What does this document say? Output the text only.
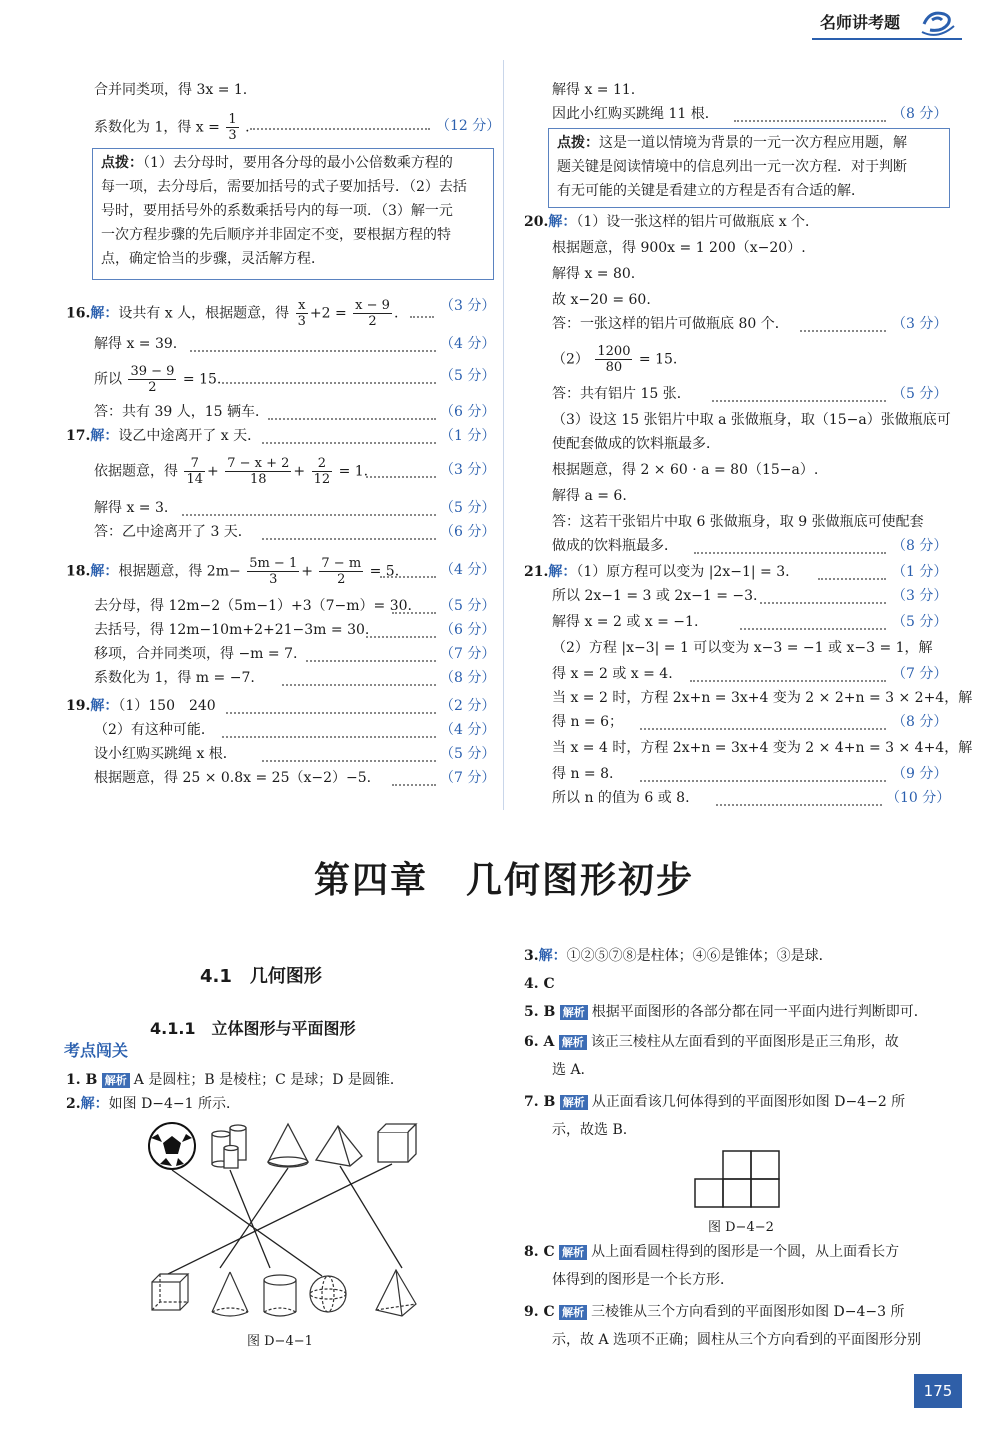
名师讲考题
合并同类项，得 3x = 1.
系数化为 1，得 $x = \frac{1}{3}$ .	（12 分）
点拨：（1）去分母时，要用各分母的最小公倍数乘方程的
每一项，去分母后，需要加括号的式子要加括号．（2）去括
号时，要用括号外的系数乘括号内的每一项．（3）解一元
一次方程步骤的先后顺序并非固定不变，要根据方程的特
点，确定恰当的步骤，灵活解方程．
16.解：设共有 x 人，根据题意，得 $\frac{x}{3} +2 = \frac{x - 9}{2}$ .	（3 分）
解得 x = 39.	（4 分）
所以 $\frac{39 - 9}{2} = 15$.	（5 分）
答：共有 39 人，15 辆车．	（6 分）
17.解：设乙中途离开了 x 天．	（1 分）
依据题意，得 $\frac{7}{14} + \frac{7 - x + 2}{18} + \frac{2}{12} = 1$.	（3 分）
解得 x = 3.	（5 分）
答：乙中途离开了 3 天．	（6 分）
18.解：根据题意，得 $2m- \frac{5m - 1}{3} + \frac{7 - m}{2} = 5$.	（4 分）
去分母，得 12m−2（5m−1）+3（7−m）= 30. （5 分）
去括号，得 12m−10m+2+21−3m = 30.	（6 分）
移项，合并同类项，得 −m = 7.	（7 分）
系数化为 1，得 m = −7.	（8 分）
19.解：（1）150　240	（2 分）
（2）有这种可能．	（4 分）
设小红购买跳绳 x 根．	（5 分）
根据题意，得 25 × 0.8x = 25（x−2）−5.	（7 分）
解得 x = 11.
因此小红购买跳绳 11 根．	（8 分）
点拨：这是一道以情境为背景的一元一次方程应用题，解
题关键是阅读情境中的信息列出一元一次方程．对于判断
有无可能的关键是看建立的方程是否有合适的解．
20.解：（1）设一张这样的铝片可做瓶底 x 个．
根据题意，得 900x = 1 200（x−20）.
解得 x = 80.
故 x−20 = 60.
答：一张这样的铝片可做瓶底 80 个．	（3 分）
$(2) \frac{1200}{80} = 15$.
答：共有铝片 15 张．	（5 分）
（3）设这 15 张铝片中取 a 张做瓶身，取（15−a）张做瓶底可
使配套做成的饮料瓶最多．
根据题意，得 2 × 60 · a = 80（15−a）.
解得 a = 6.
答：这若干张铝片中取 6 张做瓶身，取 9 张做瓶底可使配套
做成的饮料瓶最多．	（8 分）
21.解：（1）原方程可以变为 |2x−1| = 3.	（1 分）
所以 2x−1 = 3 或 2x−1 = −3.	（3 分）
解得 x = 2 或 x = −1.	（5 分）
（2）方程 |x−3| = 1 可以变为 x−3 = −1 或 x−3 = 1，解
得 x = 2 或 x = 4.	（7 分）
当 x = 2 时，方程 2x+n = 3x+4 变为 2 × 2+n = 3 × 2+4，解
得 n = 6；	（8 分）
当 x = 4 时，方程 2x+n = 3x+4 变为 2 × 4+n = 3 × 4+4，解
得 n = 8.	（9 分）
所以 n 的值为 6 或 8.	（10 分）
第四章　几何图形初步
4.1　几何图形
4.1.1　立体图形与平面图形
考点闯关
1. B 解析 A 是圆柱；B 是棱柱；C 是球；D 是圆锥．
2.解：如图 D−4−1 所示．
图 D−4−1
3.解：①②⑤⑦⑧是柱体；④⑥是锥体；③是球．
4. C
5. B 解析 根据平面图形的各部分都在同一平面内进行判断即可．
6. A 解析 该正三棱柱从左面看到的平面图形是正三角形，故
选 A.
7. B 解析 从正面看该几何体得到的平面图形如图 D−4−2 所
示，故选 B.
图 D−4−2
8. C 解析 从上面看圆柱得到的图形是一个圆，从上面看长方
体得到的图形是一个长方形．
9. C 解析 三棱锥从三个方向看到的平面图形如图 D−4−3 所
示，故 A 选项不正确；圆柱从三个方向看到的平面图形分别
175
